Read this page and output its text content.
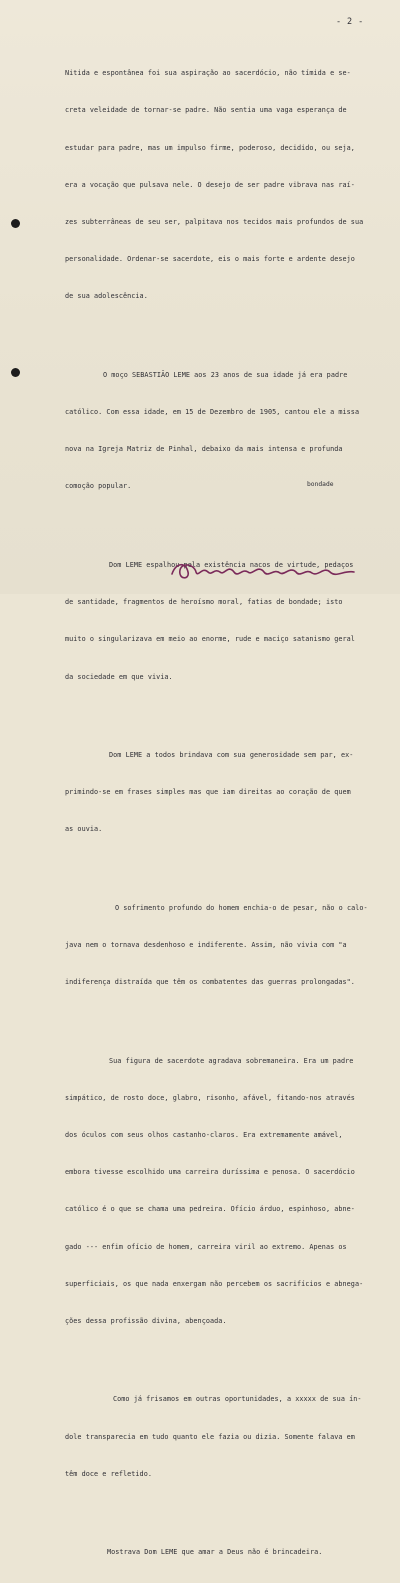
- 2 -

Nitida e espontânea foi sua aspiração ao sacerdócio, não tímida e se-

creta veleidade de tornar-se padre. Não sentia uma vaga esperança de

estudar para padre, mas um impulso firme, poderoso, decidido, ou seja,

era a vocação que pulsava nele. O desejo de ser padre vibrava nas raí-

zes subterrâneas de seu ser, palpitava nos tecidos mais profundos de sua

personalidade. Ordenar-se sacerdote, eis o mais forte e ardente desejo

de sua adolescência.

O moço SEBASTIÃO LEME aos 23 anos de sua idade já era padre

católico. Com essa idade, em 15 de Dezembro de 1905, cantou ele a missa

nova na Igreja Matriz de Pinhal, debaixo da mais intensa e profunda

comoção popular.

Dom LEME espalhou pela existência nacos de virtude, pedaços

de santidade, fragmentos de heroísmo moral, fatias de bondade; isto

muito o singularizava em meio ao enorme, rude e maciço satanismo geral

da sociedade em que vivia.

Dom LEME a todos brindava com sua generosidade sem par, ex-

primindo-se em frases simples mas que iam direitas ao coração de quem

as ouvia.

O sofrimento profundo do homem enchia-o de pesar, não o calo-

java nem o tornava desdenhoso e indiferente. Assim, não vivia com "a

indiferença distraída que têm os combatentes das guerras prolongadas".

Sua figura de sacerdote agradava sobremaneira. Era um padre

simpático, de rosto doce, glabro, risonho, afável, fitando-nos através

dos óculos com seus olhos castanho-claros. Era extremamente amável,

embora tivesse escolhido uma carreira duríssima e penosa. O sacerdócio

católico é o que se chama uma pedreira. Ofício árduo, espinhoso, abne-

gado --- enfim ofício de homem, carreira viril ao extremo. Apenas os

superficiais, os que nada enxergam não percebem os sacrifícios e abnega-

ções dessa profissão divina, abençoada.

Como já frisamos em outras oportunidades, a xxxxx de sua ín-

dole transparecia em tudo quanto ele fazia ou dizia. Somente falava em

têm doce e refletido.

Mostrava Dom LEME que amar a Deus não é brincadeira.

bondade
